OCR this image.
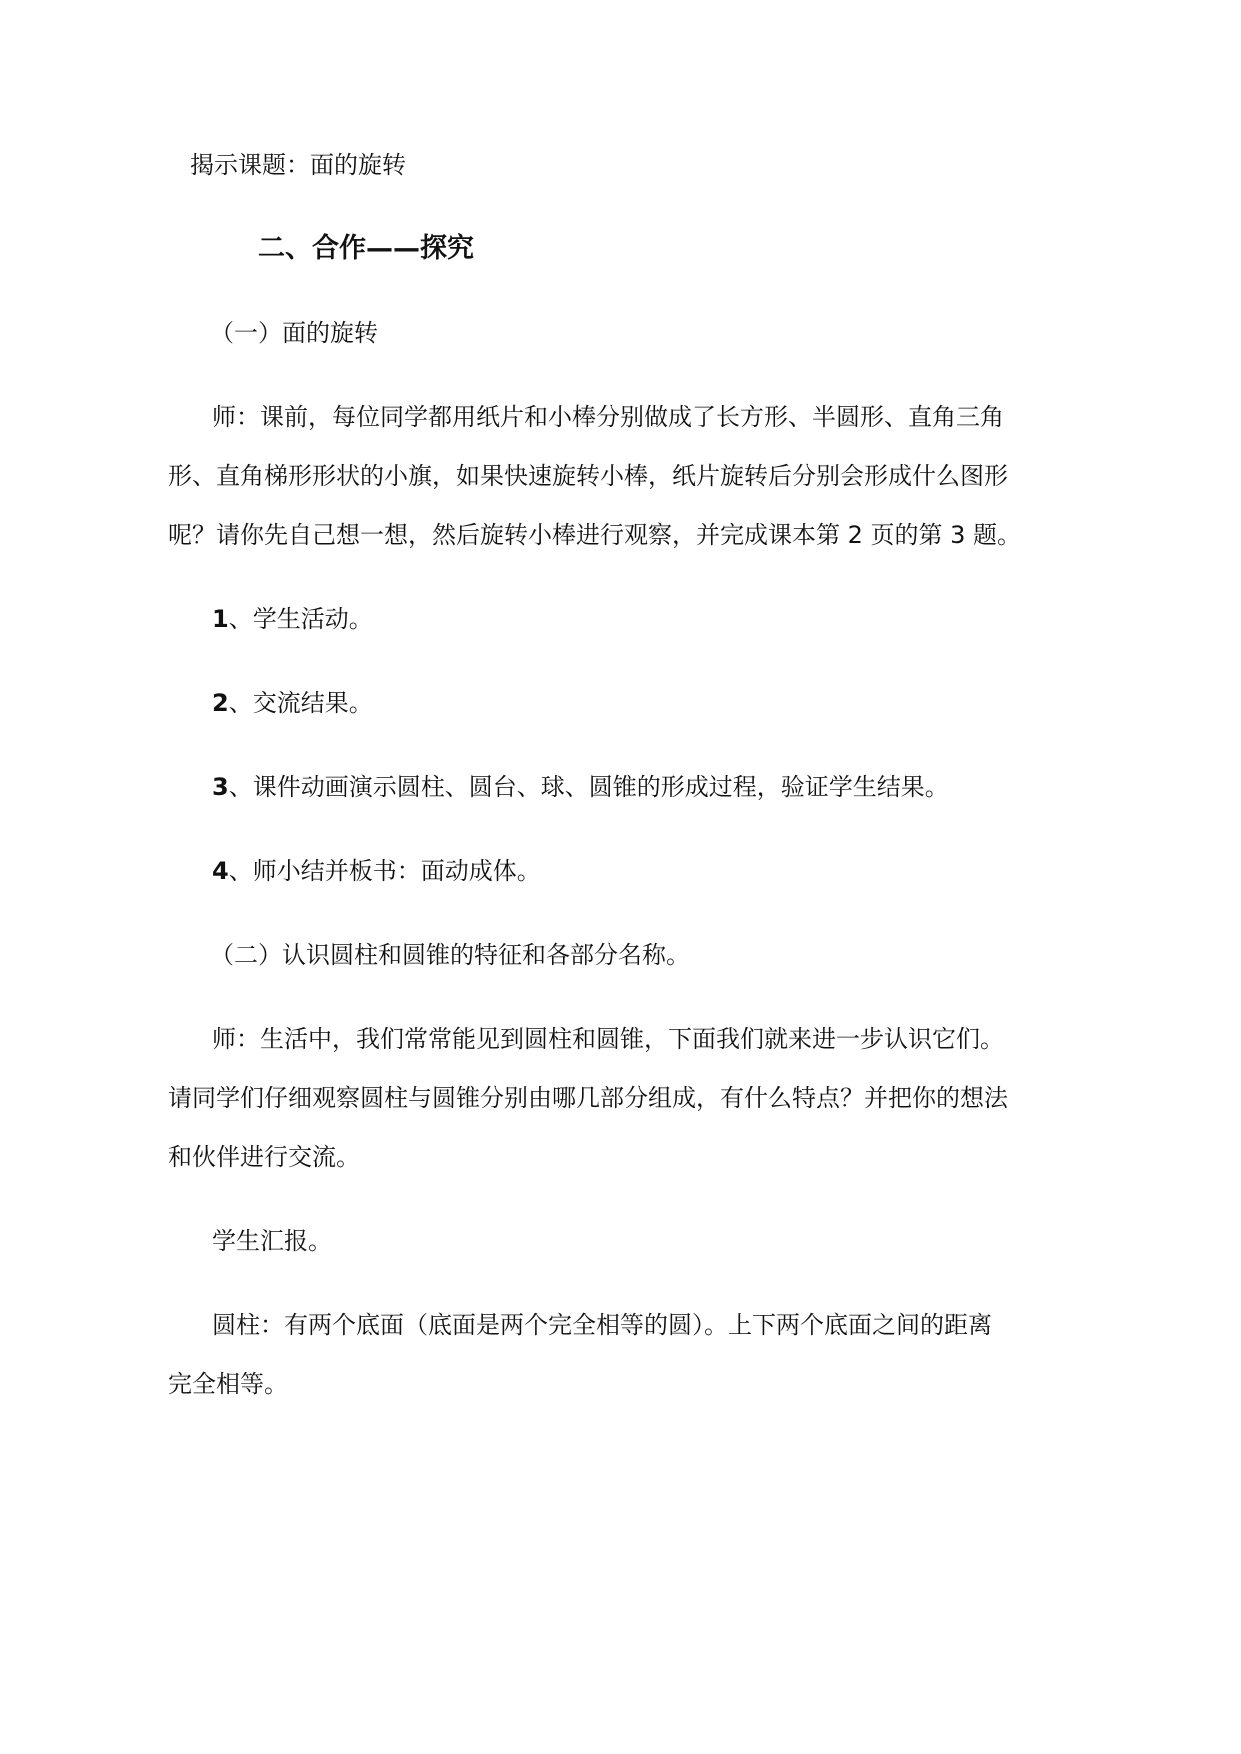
揭示课题：面的旋转
二、合作——探究
（一）面的旋转
师：课前，每位同学都用纸片和小棒分别做成了长方形、半圆形、直角三角
形、直角梯形形状的小旗，如果快速旋转小棒，纸片旋转后分别会形成什么图形
呢？请你先自己想一想，然后旋转小棒进行观察，并完成课本第 2 页的第 3 题。
1、学生活动。
2、交流结果。
3、课件动画演示圆柱、圆台、球、圆锥的形成过程，验证学生结果。
4、师小结并板书：面动成体。
（二）认识圆柱和圆锥的特征和各部分名称。
师：生活中，我们常常能见到圆柱和圆锥，下面我们就来进一步认识它们。
请同学们仔细观察圆柱与圆锥分别由哪几部分组成，有什么特点？并把你的想法
和伙伴进行交流。
学生汇报。
圆柱：有两个底面（底面是两个完全相等的圆）。上下两个底面之间的距离
完全相等。
